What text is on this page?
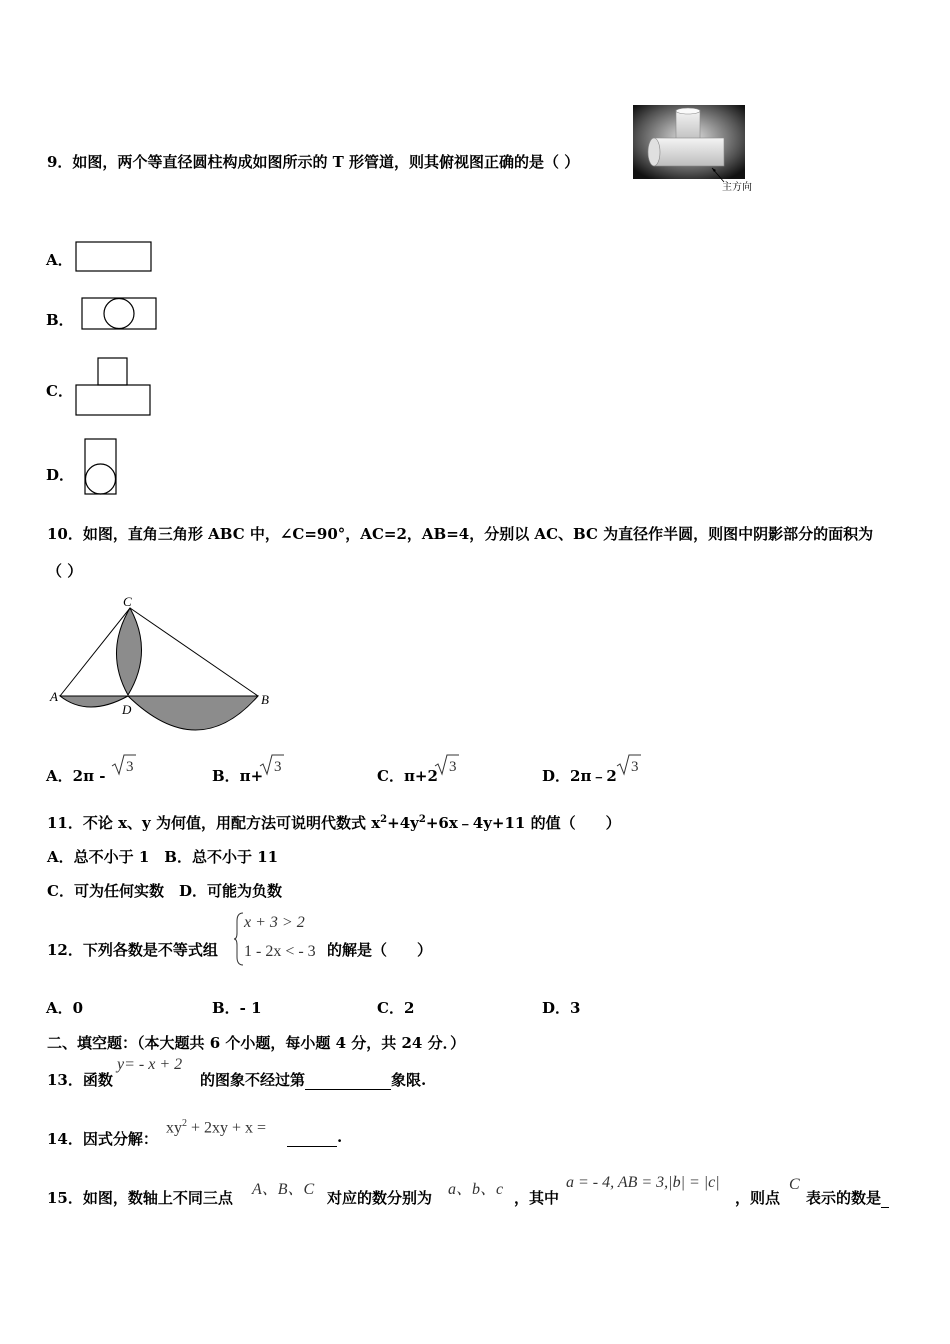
9．如图，两个等直径圆柱构成如图所示的 T 形管道，则其俯视图正确的是（ ）
主方向
A．
B．
C．
D．
10．如图，直角三角形 ABC 中，∠C=90°，AC=2，AB=4，分别以 AC、BC 为直径作半圆，则图中阴影部分的面积为
（ ）
C
A
D
B
A．2π - 3	B．π+ 3	C．π+2 3	D．2π﹣2 3
11．不论 x、y 为何值，用配方法可说明代数式 $x^2+4y^2+6x﹣4y+11$ 的值（　　）
A．总不小于 1　B．总不小于 11
C．可为任何实数　D．可能为负数
12．下列各数是不等式组
x + 3 > 2
1 - 2x < - 3 的解是（　　）
A．0	B．- 1	C．2	D．3
二、填空题：（本大题共 6 个小题，每小题 4 分，共 24 分．）
13．函数
y= - x + 2
的图象不经过第	象限.
14．因式分解：
$xy^2 + 2xy + x$ =
.
15．如图，数轴上不同三点 A、B、C 对应的数分别为 a、b、c ，其中
a = - 4, AB = 3,|b| = |c|
，则点
C
表示的数是
